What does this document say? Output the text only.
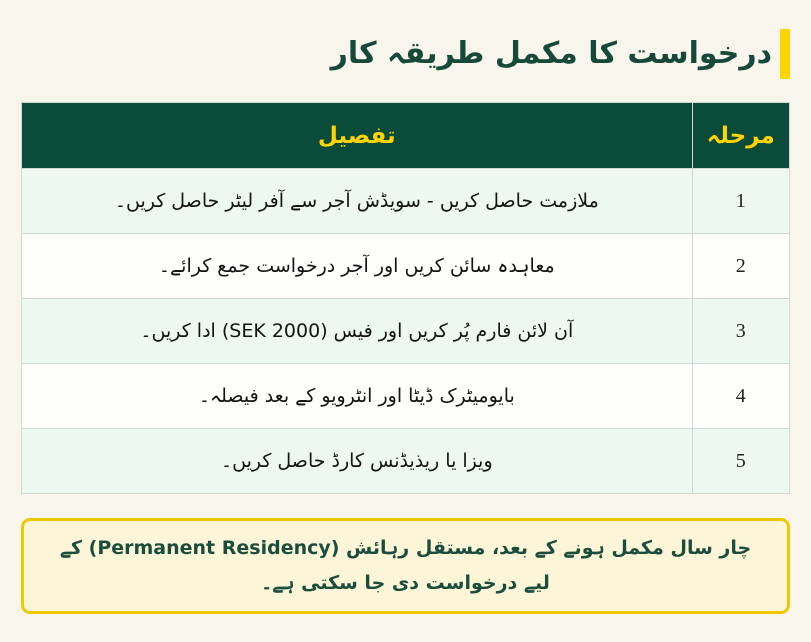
درخواست کا مکمل طریقہ کار
تفصیل	مرحلہ
ملازمت حاصل کریں - سویڈش آجر سے آفر لیٹر حاصل کریں۔	1
معاہدہ سائن کریں اور آجر درخواست جمع کرائے۔	2
آن لائن فارم پُر کریں اور فیس (SEK 2000) ادا کریں۔	3
بایومیٹرک ڈیٹا اور انٹرویو کے بعد فیصلہ۔	4
ویزا یا ریذیڈنس کارڈ حاصل کریں۔	5
چار سال مکمل ہونے کے بعد، مستقل رہائش (Permanent Residency) کے لیے درخواست دی جا سکتی ہے۔
